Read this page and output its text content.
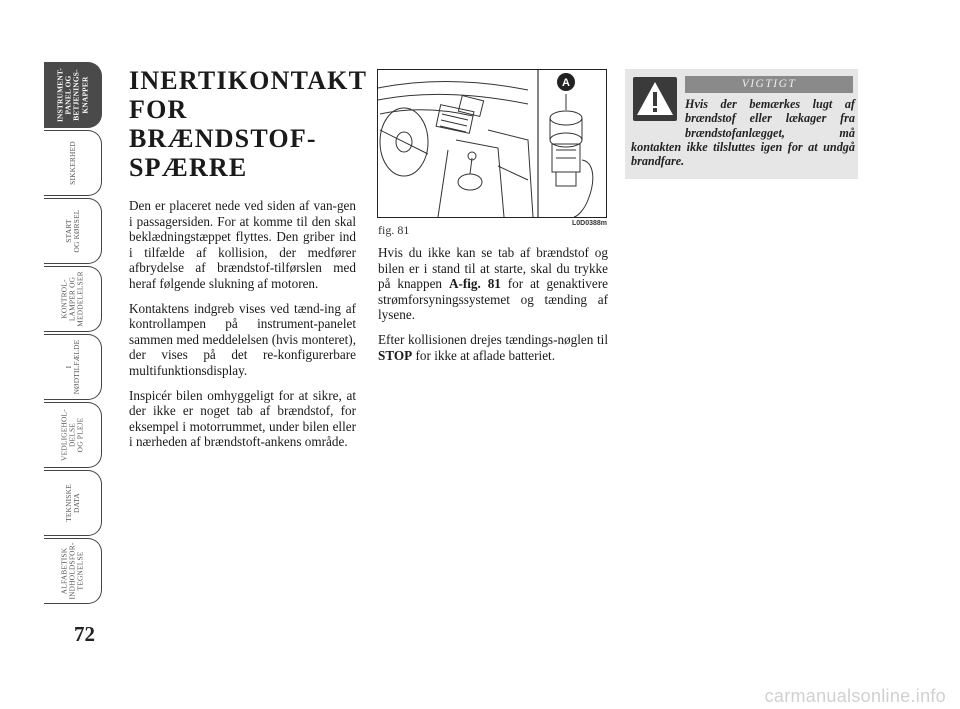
INSTRUMENT-
PANEL OG
BETJENINGS-
KNAPPER
SIKKERHED
START
OG KØRSEL
KONTROL-
LAMPER OG
MEDDELELSER
I
NØDTILFÆLDE
VEDLIGEHOL-
DELSE
OG PLEJE
TEKNISKE
DATA
ALFABETISK
INDHOLDSFOR-
TEGNELSE
72
INERTIKONTAKT
FOR BRÆNDSTOF-
SPÆRRE

Den er placeret nede ved siden af van-gen i passagersiden. For at komme til den skal beklædningstæppet flyttes. Den griber ind i tilfælde af kollision, der medfører afbrydelse af brændstof-tilførslen med heraf følgende slukning af motoren.

Kontaktens indgreb vises ved tænd-ing af kontrollampen på instrument-panelet sammen med meddelelsen (hvis monteret), der vises på det re-konfigurerbare multifunktionsdisplay.

Inspicér bilen omhyggeligt for at sikre, at der ikke er noget tab af brændstof, for eksempel i motorrummet, under bilen eller i nærheden af brændstoft-ankens område.

A
L0D0388m
fig. 81

Hvis du ikke kan se tab af brændstof og bilen er i stand til at starte, skal du trykke på knappen A-fig. 81 for at genaktivere strømforsyningssystemet og tænding af lysene.

Efter kollisionen drejes tændings-nøglen til STOP for ikke at aflade batteriet.

VIGTIGT
Hvis der bemærkes lugt af brændstof eller lækager fra brændstofanlægget, må kontakten ikke tilsluttes igen for at undgå brandfare.
carmanualsonline.info
